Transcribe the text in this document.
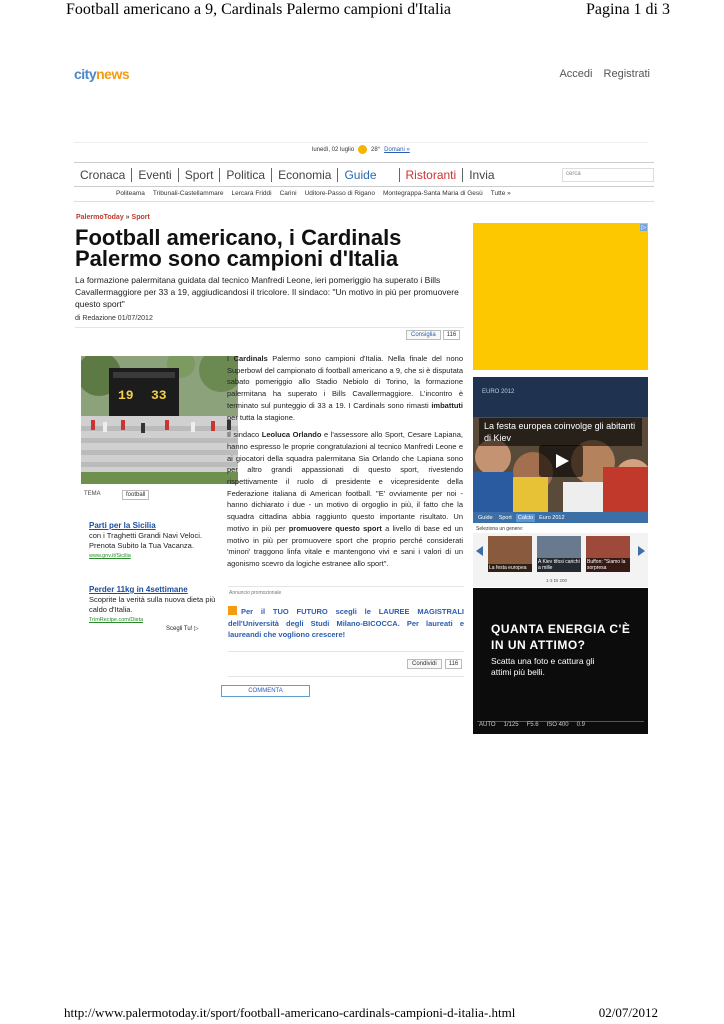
Football americano a 9, Cardinals Palermo campioni d'Italia	Pagina 1 di 3
citynews	Accedi Registrati
lunedì, 02 luglio	28° Domani »
Cronaca	Eventi	Sport	Politica	Economia	Guide	Ristoranti	Invia	cerca
Politeama Tribunali-Castellammare Lercara Friddi Carini Uditore-Passo di Rigano Montegrappa-Santa Maria di Gesù Tutte »
PalermoToday » Sport
Football americano, i Cardinals Palermo sono campioni d'Italia
La formazione palermitana guidata dal tecnico Manfredi Leone, ieri pomeriggio ha superato i Bills Cavallermaggiore per 33 a 19, aggiudicandosi il tricolore. Il sindaco: "Un motivo in più per promuovere questo sport"
di Redazione 01/07/2012
Consiglia	116
19 33
TEMA	football
Parti per la Sicilia
con i Traghetti Grandi Navi Veloci. Prenota Subito la Tua Vacanza.
www.gnv.it/Sicilia
Perder 11kg in 4settimane
Scoprite la verità sulla nuova dieta più caldo d'Italia.
TrimRecipe.com/Dieta
Scegli Tu! ▷

I Cardinals Palermo sono campioni d'Italia. Nella finale del nono Superbowl del campionato di football americano a 9, che si è disputata sabato pomeriggio allo Stadio Nebiolo di Torino, la formazione palermitana ha superato i Bills Cavallermaggiore. L'incontro è terminato sul punteggio di 33 a 19. I Cardinals sono rimasti imbattuti per tutta la stagione.

Il sindaco Leoluca Orlando e l'assessore allo Sport, Cesare Lapiana, hanno espresso le proprie congratulazioni al tecnico Manfredi Leone e ai giocatori della squadra palermitana Sia Orlando che Lapiana sono per altro grandi appassionati di questo sport, rivestendo rispettivamente il ruolo di presidente e vicepresidente della Federazione italiana di American football. "E' ovviamente per noi - hanno dichiarato i due - un motivo di orgoglio in più, il fatto che la squadra cittadina abbia raggiunto questo importante risultato. Un motivo in più per promuovere questo sport a livello di base ed un motivo in più per promuovere sport che proprio perché considerati 'minori' traggono linfa vitale e mantengono vivi e sani i valori di un agonismo scevro da logiche estranee allo sport".

Annuncio promozionale
Per il TUO FUTURO scegli le LAUREE MAGISTRALI dell'Università degli Studi Milano-BICOCCA. Per laureati e laureandi che vogliono crescere!
Condividi	116
COMMENTA
▷
EURO 2012
La festa europea coinvolge gli abitanti di Kiev
Guide	Sport	Calcio	Euro 2012
La festa europea
A Kiev tifosi carichi a mille
Buffon: "Siamo la sorpresa
Seleziona un genere:
1-3 DI 200
QUANTA ENERGIA C'È IN UN ATTIMO?
Scatta una foto e cattura gli attimi più belli.
AUTO 1/125 F5.6 ISO 400 0.9
http://www.palermotoday.it/sport/football-americano-cardinals-campioni-d-italia-.html	02/07/2012
